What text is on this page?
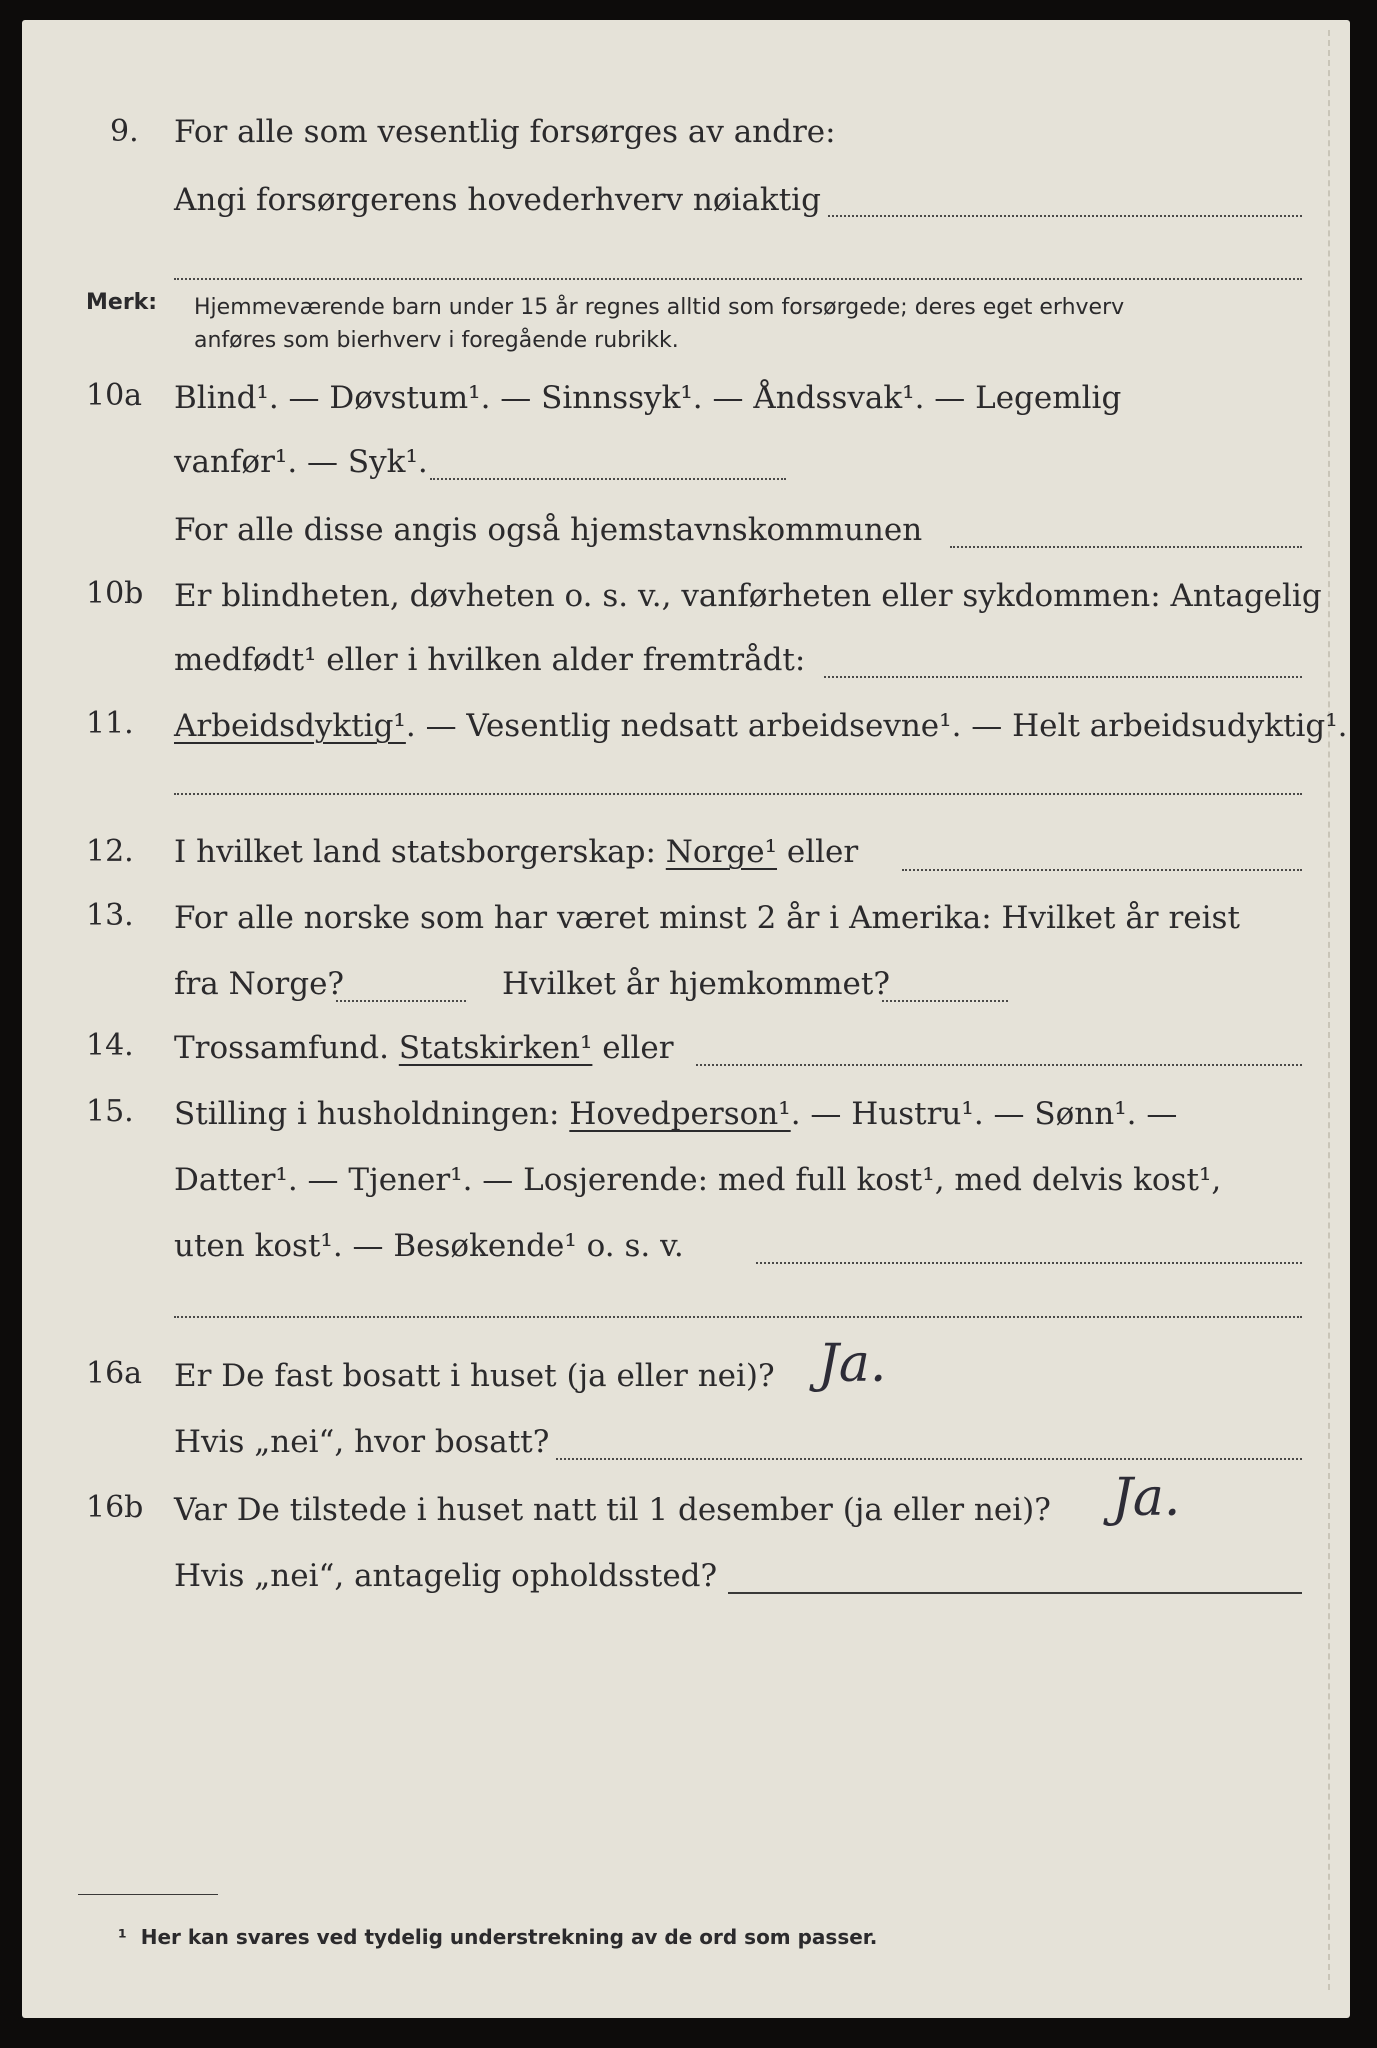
9. For alle som vesentlig forsørges av andre:
Angi forsørgerens hovederhverv nøiaktig
Merk: Hjemmeværende barn under 15 år regnes alltid som forsørgede; deres eget erhverv
anføres som bierhverv i foregående rubrikk.
10a Blind¹. — Døvstum¹. — Sinnssyk¹. — Åndssvak¹. — Legemlig
vanfør¹. — Syk¹.
For alle disse angis også hjemstavnskommunen
10b Er blindheten, døvheten o. s. v., vanførheten eller sykdommen: Antagelig
medfødt¹ eller i hvilken alder fremtrådt:
11. Arbeidsdyktig¹. — Vesentlig nedsatt arbeidsevne¹. — Helt arbeidsudyktig¹.
12. I hvilket land statsborgerskap: Norge¹ eller
13. For alle norske som har været minst 2 år i Amerika: Hvilket år reist
fra Norge?	Hvilket år hjemkommet?
14. Trossamfund. Statskirken¹ eller
15. Stilling i husholdningen: Hovedperson¹. — Hustru¹. — Sønn¹. —
Datter¹. — Tjener¹. — Losjerende: med full kost¹, med delvis kost¹,
uten kost¹. — Besøkende¹ o. s. v.
16a Er De fast bosatt i huset (ja eller nei)? Ja.
Hvis „nei“, hvor bosatt?
16b Var De tilstede i huset natt til 1 desember (ja eller nei)? Ja.
Hvis „nei“, antagelig opholdssted?
¹ Her kan svares ved tydelig understrekning av de ord som passer.
